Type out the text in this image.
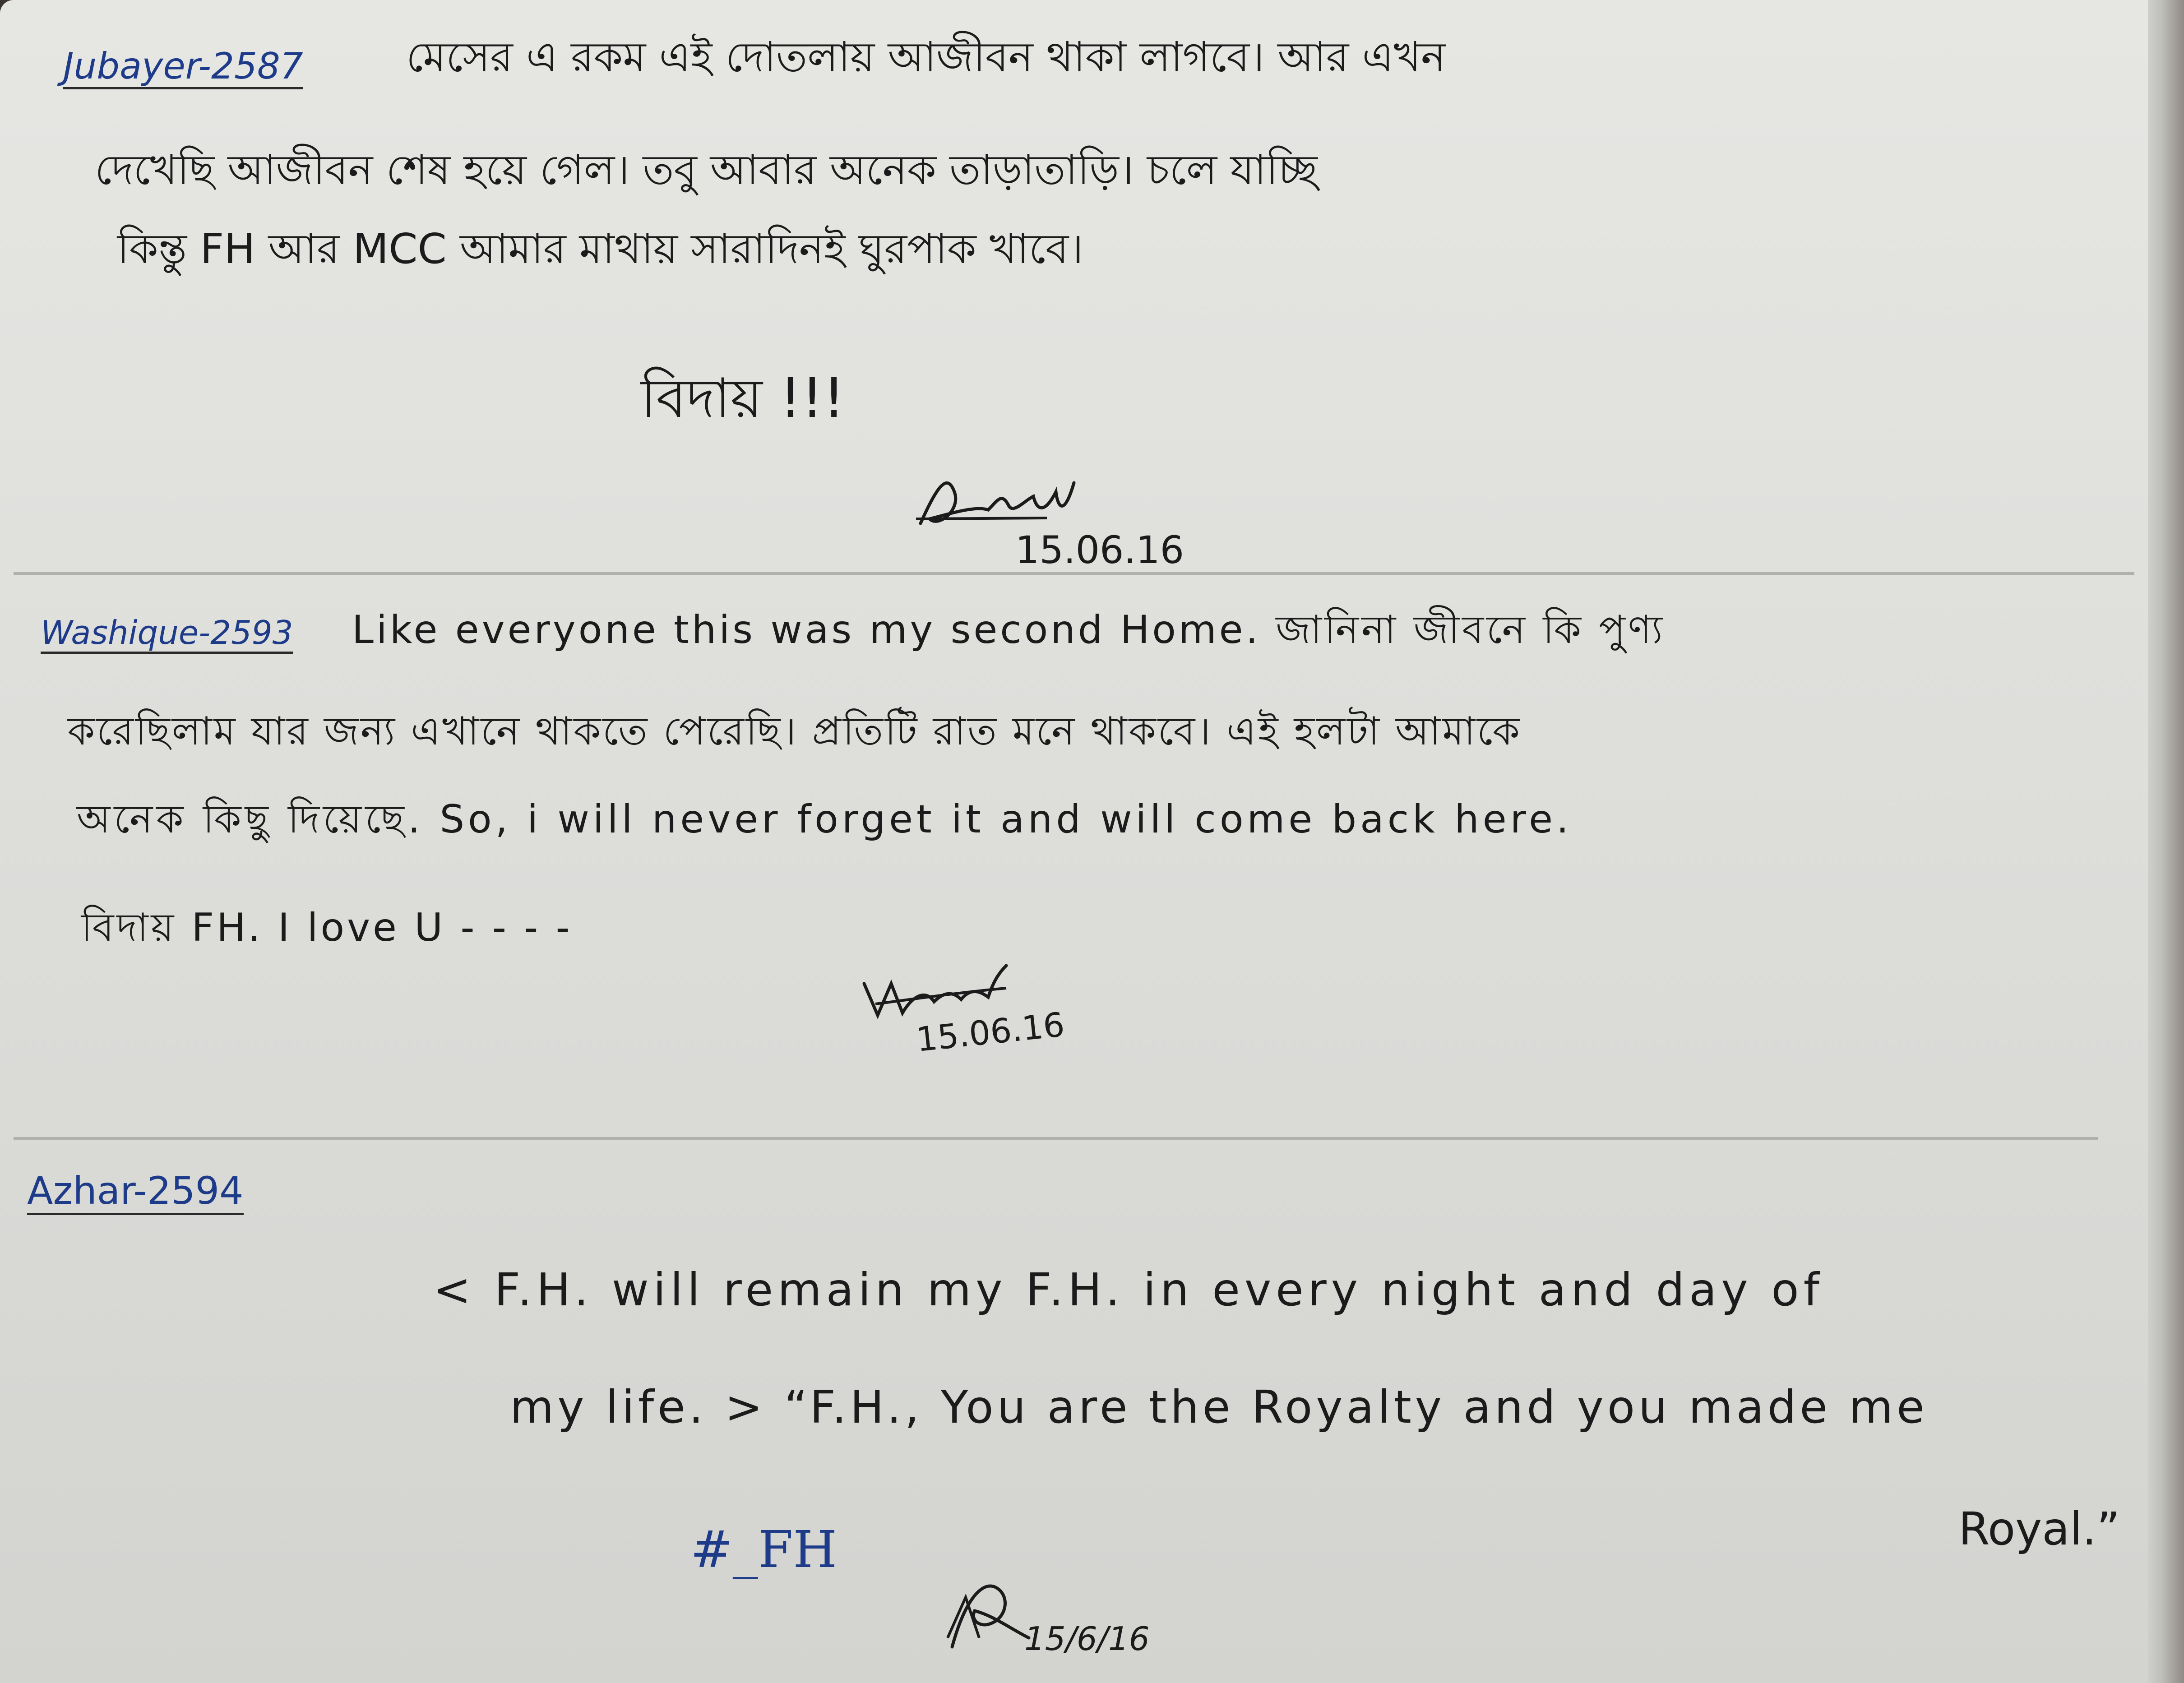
Jubayer-2587 মেসের এ রকম এই দোতলায় আজীবন থাকা লাগবে। আর এখন
দেখেছি আজীবন শেষ হয়ে গেল। তবু আবার অনেক তাড়াতাড়ি। চলে যাচ্ছি
কিন্তু FH আর MCC আমার মাথায় সারাদিনই ঘুরপাক খাবে।
বিদায় !!!
15.06.16
Washique-2593 Like everyone this was my second Home. জানিনা জীবনে কি পুণ্য
করেছিলাম যার জন্য এখানে থাকতে পেরেছি। প্রতিটি রাত মনে থাকবে। এই হলটা আমাকে
অনেক কিছু দিয়েছে. So, i will never forget it and will come back here.
বিদায় FH. I love U - - - -
15.06.16
Azhar-2594
< F.H. will remain my F.H. in every night and day of
my life. > “F.H., You are the Royalty and you made me
Royal.”
#_FH
15/6/16
